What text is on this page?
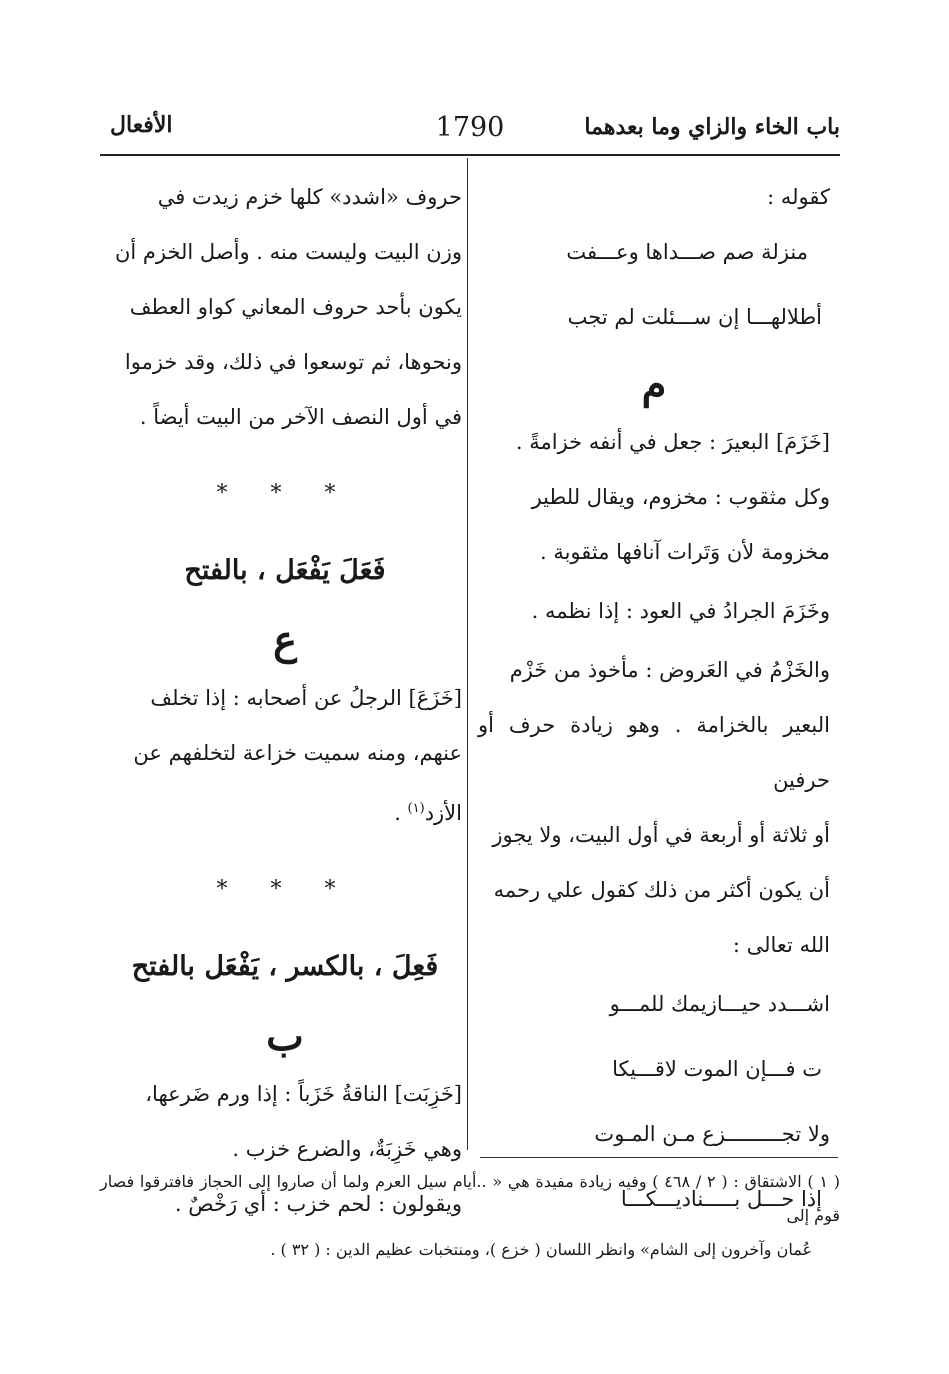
باب الخاء والزاي وما بعدهما
1790
الأفعال

كقوله :

منزلة صم صـــداها وعـــفت

أطلالهـــا إن ســـئلت لم تجب

م

[خَزَمَ] البعيرَ : جعل في أنفه خزامةً .

وكل مثقوب : مخزوم، ويقال للطير

مخزومة لأن وَتَرات آنافها مثقوبة .

وخَزَمَ الجرادُ في العود : إذا نظمه .

والخَزْمُ في العَروض : مأخوذ من خَزْم

البعير بالخزامة . وهو زيادة حرف أو حرفين

أو ثلاثة أو أربعة في أول البيت، ولا يجوز

أن يكون أكثر من ذلك كقول علي رحمه

الله تعالى :

اشـــدد حيـــازيمك للمـــو

ت فـــإن الموت لاقـــيكا

ولا تجـــــــــزع مـن المـوت

إذا حـــل بـــــناديـــكـــا

حروف «اشدد» كلها خزم زيدت في

وزن البيت وليست منه . وأصل الخزم أن

يكون بأحد حروف المعاني كواو العطف

ونحوها، ثم توسعوا في ذلك، وقد خزموا

في أول النصف الآخر من البيت أيضاً .

* * *
فَعَلَ يَفْعَل ، بالفتح
ع

[خَزَعَ] الرجلُ عن أصحابه : إذا تخلف

عنهم، ومنه سميت خزاعة لتخلفهم عن

الأزد$^{(١)}$ .

* * *
فَعِلَ ، بالكسر ، يَفْعَل بالفتح
ب

[خَزِبَت] الناقةُ خَزَباً : إذا ورم ضَرعها،

وهي خَزِبَةٌ، والضرع خزب .

ويقولون : لحم خزب : أي رَخْصٌ .

( ١ ) الاشتقاق : ( ٢ / ٤٦٨ ) وفيه زيادة مفيدة هي « ..أيام سيل العرم ولما أن صاروا إلى الحجاز فافترقوا فصار قوم إلى

عُمان وآخرون إلى الشام» وانظر اللسان ( خزع )، ومنتخبات عظيم الدين : ( ٣٢ ) .
